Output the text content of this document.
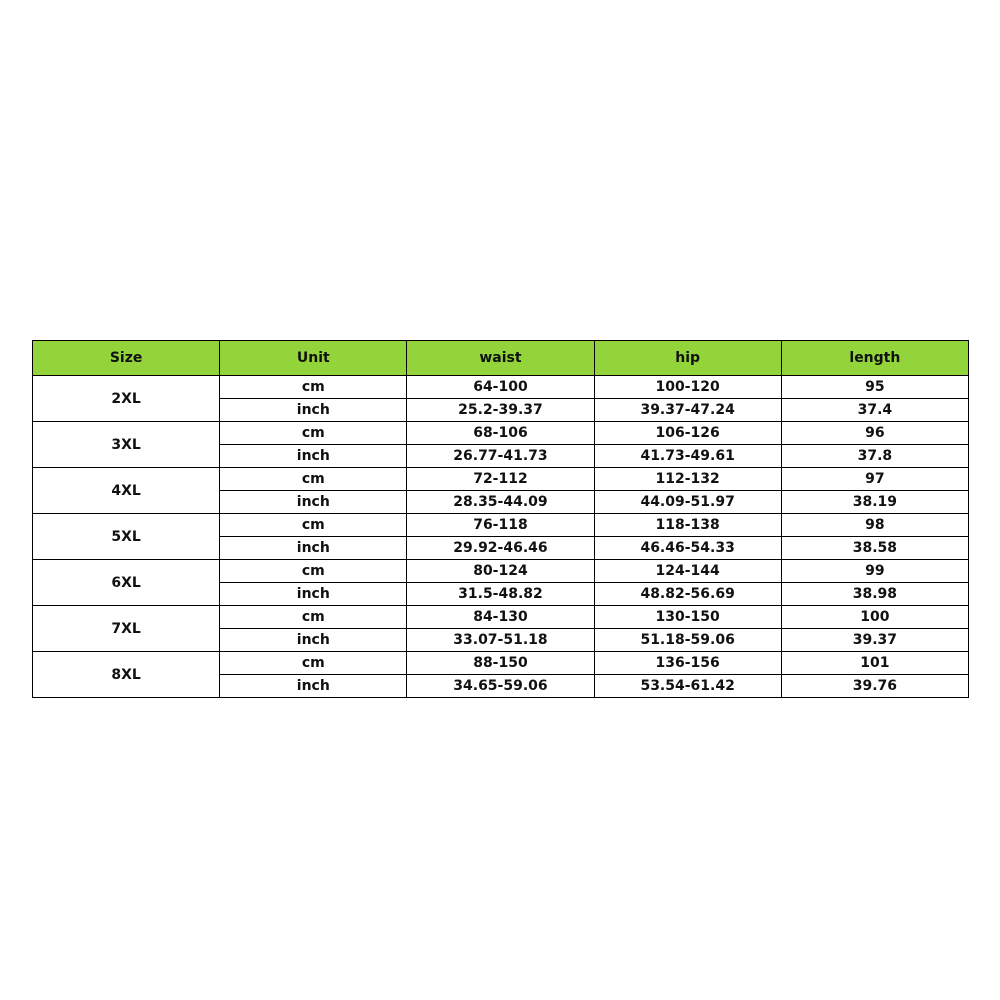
Size	Unit	waist	hip	length
2XL	cm	64-100	100-120	95
	inch	25.2-39.37	39.37-47.24	37.4
3XL	cm	68-106	106-126	96
	inch	26.77-41.73	41.73-49.61	37.8
4XL	cm	72-112	112-132	97
	inch	28.35-44.09	44.09-51.97	38.19
5XL	cm	76-118	118-138	98
	inch	29.92-46.46	46.46-54.33	38.58
6XL	cm	80-124	124-144	99
	inch	31.5-48.82	48.82-56.69	38.98
7XL	cm	84-130	130-150	100
	inch	33.07-51.18	51.18-59.06	39.37
8XL	cm	88-150	136-156	101
	inch	34.65-59.06	53.54-61.42	39.76
